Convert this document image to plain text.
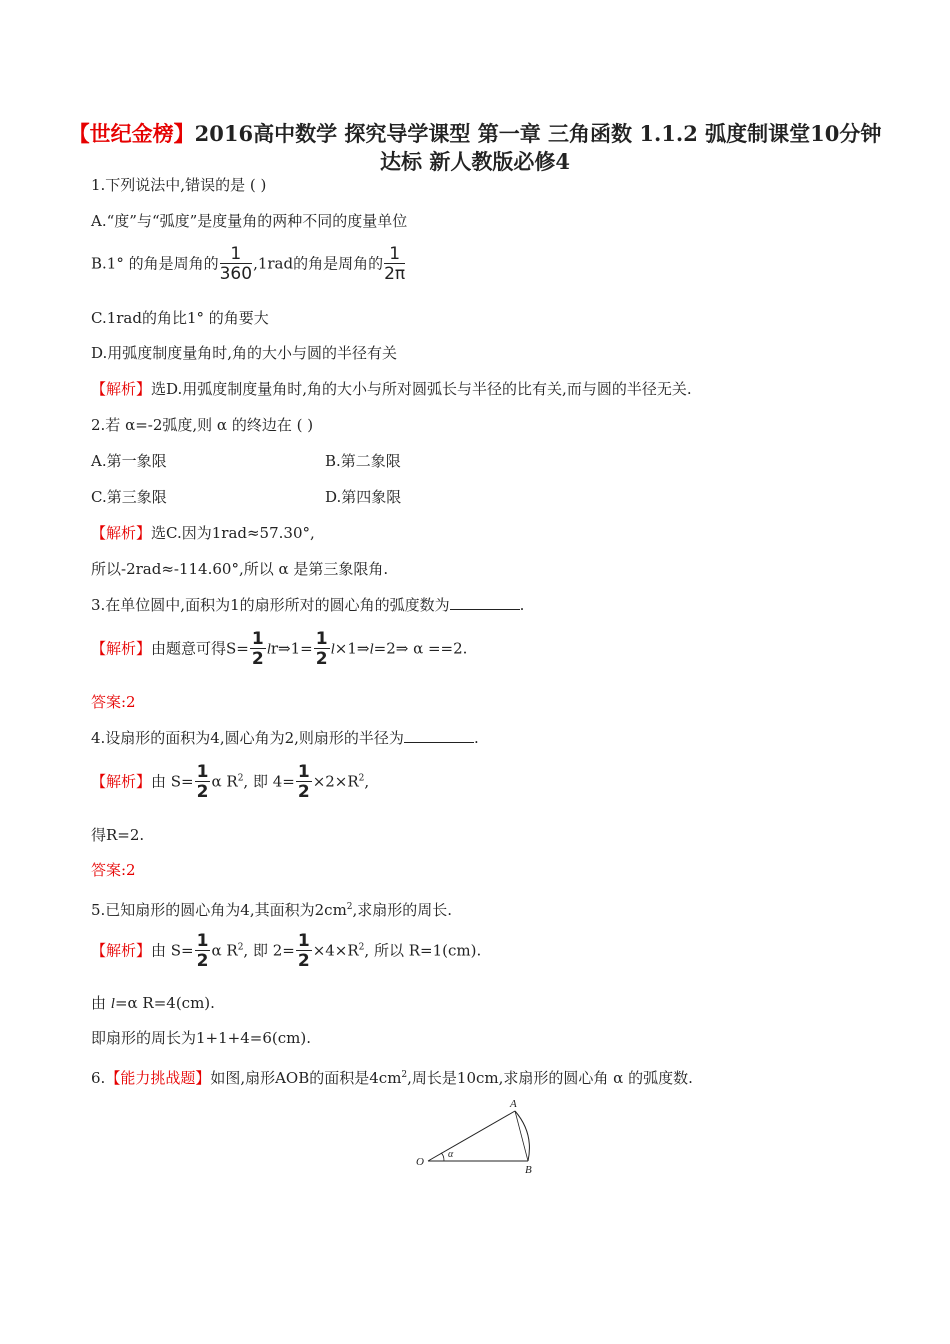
【世纪金榜】2016高中数学 探究导学课型 第一章 三角函数 1.1.2 弧度制课堂10分钟达标 新人教版必修4
1.下列说法中,错误的是 ( )
A.“度”与“弧度”是度量角的两种不同的度量单位
B.1° 的角是周角的 $\frac{1}{360} ,1rad$的角是周角的 $\frac{1}{2\pi}$
C.1rad的角比1° 的角要大
D.用弧度制度量角时,角的大小与圆的半径有关
【解析】选D.用弧度制度量角时,角的大小与所对圆弧长与半径的比有关,而与圆的半径无关.
2.若 α=-2弧度,则 α 的终边在 ( )
A.第一象限	B.第二象限
C.第三象限	D.第四象限
【解析】选C.因为1rad≈57.30°,
所以-2rad≈-114.60°,所以 α 是第三象限角.
3.在单位圆中,面积为1的扇形所对的圆心角的弧度数为	.
【解析】由题意可得$S= \frac{1}{2}$ lr⇒1= $\frac{1}{2}$ l×1⇒l=2⇒ α ==2.
答案:2
4.设扇形的面积为4,圆心角为2,则扇形的半径为	.
【解析】由 $S= \frac{1}{2}$ α $R^2$, 即 $4= \frac{1}{2} \times 2\times R^2$,
得R=2.
答案:2
5.已知扇形的圆心角为4,其面积为$2cm^2$,求扇形的周长.
【解析】由 $S= \frac{1}{2}$ α $R^2$, 即 $2= \frac{1}{2} \times 4\times R^2$, 所以 R=1(cm).
由 l=α R=4(cm).
即扇形的周长为1+1+4=6(cm).
6.【能力挑战题】如图,扇形AOB的面积是$4cm^2$,周长是10cm,求扇形的圆心角 α 的弧度数.
A
B
O
α
